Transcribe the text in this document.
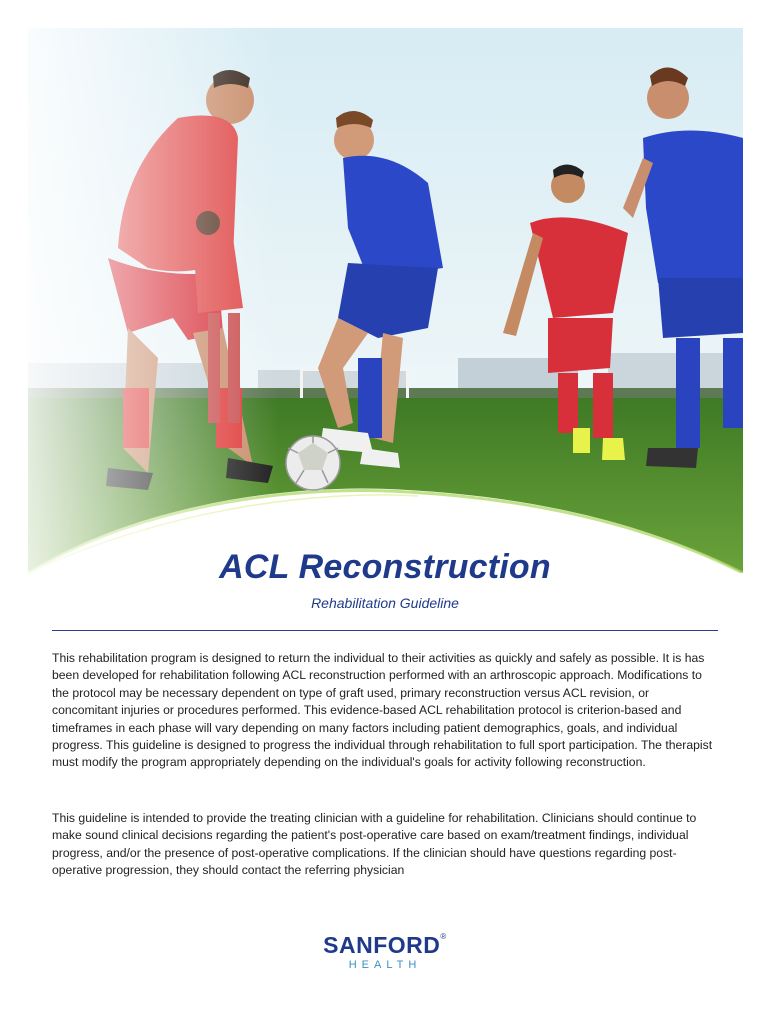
ACL Reconstruction
Rehabilitation Guideline

This rehabilitation program is designed to return the individual to their activities as quickly and safely as possible. It is has been developed for rehabilitation following ACL reconstruction performed with an arthroscopic approach. Modifications to the protocol may be necessary dependent on type of graft used, primary reconstruction versus ACL revision, or concomitant injuries or procedures performed. This evidence-based ACL rehabilitation protocol is criterion-based and timeframes in each phase will vary depending on many factors including patient demographics, goals, and individual progress. This guideline is designed to progress the individual through rehabilitation to full sport participation. The therapist must modify the program appropriately depending on the individual's goals for activity following reconstruction.

This guideline is intended to provide the treating clinician with a guideline for rehabilitation. Clinicians should continue to make sound clinical decisions regarding the patient's post-operative care based on exam/treatment findings, individual progress, and/or the presence of post-operative complications. If the clinician should have questions regarding post-operative progression, they should contact the referring physician

SANFORD®
HEALTH
